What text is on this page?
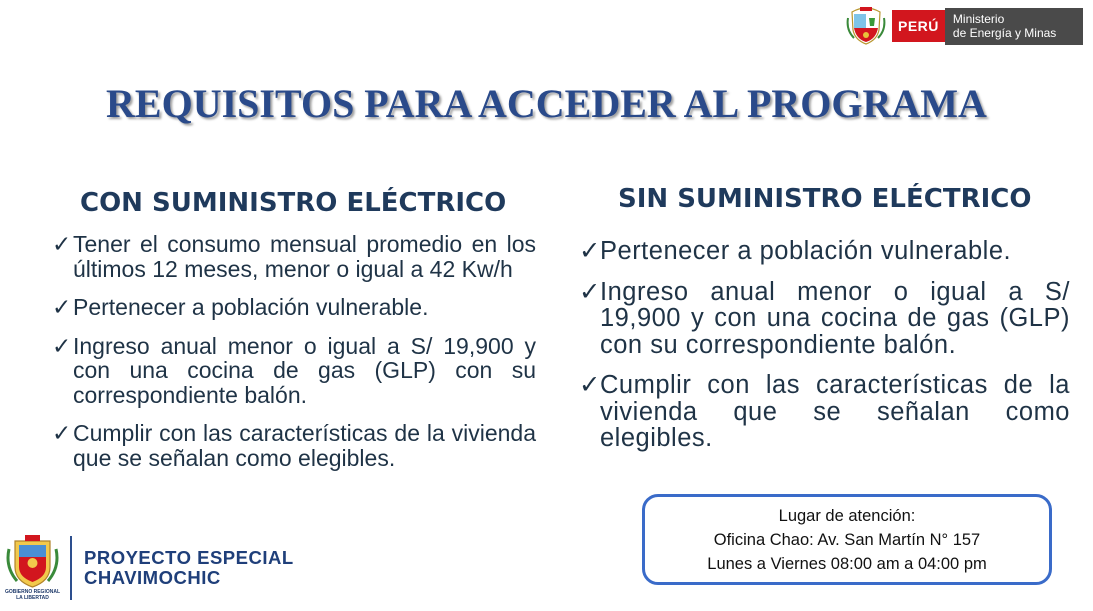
PERÚ	Ministerio
de Energía y Minas
REQUISITOS PARA ACCEDER AL PROGRAMA
CON SUMINISTRO ELÉCTRICO
✓ Tener el consumo mensual promedio en los últimos 12 meses, menor o igual a 42 Kw/h
✓ Pertenecer a población vulnerable.
✓ Ingreso anual menor o igual a S/ 19,900 y con una cocina de gas (GLP) con su correspondiente balón.
✓ Cumplir con las características de la vivienda que se señalan como elegibles.
SIN SUMINISTRO ELÉCTRICO
✓ Pertenecer a población vulnerable.
✓ Ingreso anual menor o igual a S/ 19,900 y con una cocina de gas (GLP) con su correspondiente balón.
✓ Cumplir con las características de la vivienda que se señalan como elegibles.
Lugar de atención:
Oficina Chao: Av. San Martín N° 157
Lunes a Viernes 08:00 am a 04:00 pm
GOBIERNO REGIONAL
LA LIBERTAD
PROYECTO ESPECIAL
CHAVIMOCHIC
